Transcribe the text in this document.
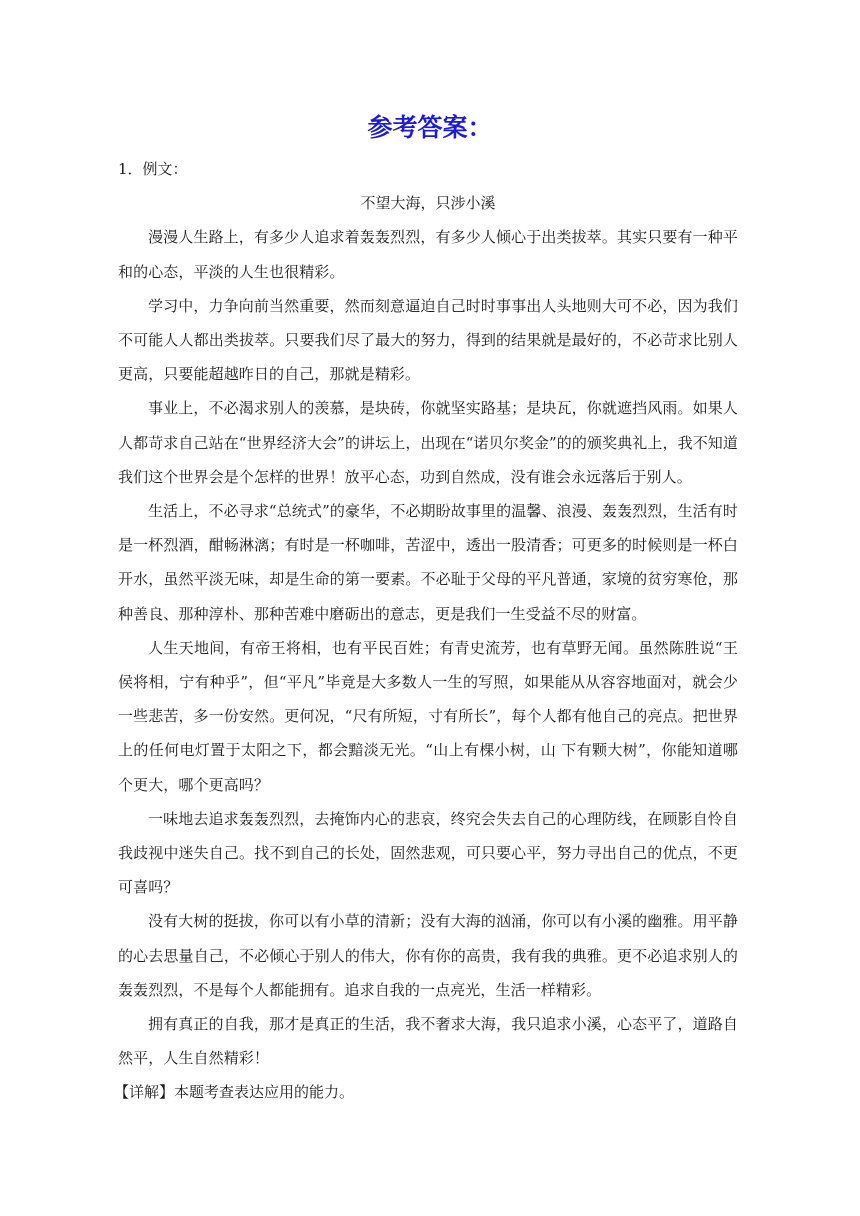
参考答案：

1．例文：

不望大海，只涉小溪

漫漫人生路上，有多少人追求着轰轰烈烈，有多少人倾心于出类拔萃。其实只要有一种平和的心态，平淡的人生也很精彩。

学习中，力争向前当然重要，然而刻意逼迫自己时时事事出人头地则大可不必，因为我们不可能人人都出类拔萃。只要我们尽了最大的努力，得到的结果就是最好的，不必苛求比别人更高，只要能超越昨日的自己，那就是精彩。

事业上，不必渴求别人的羡慕，是块砖，你就坚实路基；是块瓦，你就遮挡风雨。如果人人都苛求自己站在“世界经济大会”的讲坛上，出现在“诺贝尔奖金”的的颁奖典礼上，我不知道我们这个世界会是个怎样的世界！放平心态，功到自然成，没有谁会永远落后于别人。

生活上，不必寻求“总统式”的豪华，不必期盼故事里的温馨、浪漫、轰轰烈烈，生活有时是一杯烈酒，酣畅淋漓；有时是一杯咖啡，苦涩中，透出一股清香；可更多的时候则是一杯白开水，虽然平淡无味，却是生命的第一要素。不必耻于父母的平凡普通，家境的贫穷寒伧，那种善良、那种淳朴、那种苦难中磨砺出的意志，更是我们一生受益不尽的财富。

人生天地间，有帝王将相，也有平民百姓；有青史流芳，也有草野无闻。虽然陈胜说“王侯将相，宁有种乎”，但“平凡”毕竟是大多数人一生的写照，如果能从从容容地面对，就会少一些悲苦，多一份安然。更何况，“尺有所短，寸有所长”，每个人都有他自己的亮点。把世界上的任何电灯置于太阳之下，都会黯淡无光。“山上有棵小树，山 下有颗大树”，你能知道哪个更大，哪个更高吗？

一味地去追求轰轰烈烈，去掩饰内心的悲哀，终究会失去自己的心理防线，在顾影自怜自我歧视中迷失自己。找不到自己的长处，固然悲观，可只要心平，努力寻出自己的优点，不更可喜吗？

没有大树的挺拔，你可以有小草的清新；没有大海的汹涌，你可以有小溪的幽雅。用平静的心去思量自己，不必倾心于别人的伟大，你有你的高贵，我有我的典雅。更不必追求别人的轰轰烈烈，不是每个人都能拥有。追求自我的一点亮光，生活一样精彩。

拥有真正的自我，那才是真正的生活，我不奢求大海，我只追求小溪，心态平了，道路自然平，人生自然精彩！

【详解】本题考查表达应用的能力。
